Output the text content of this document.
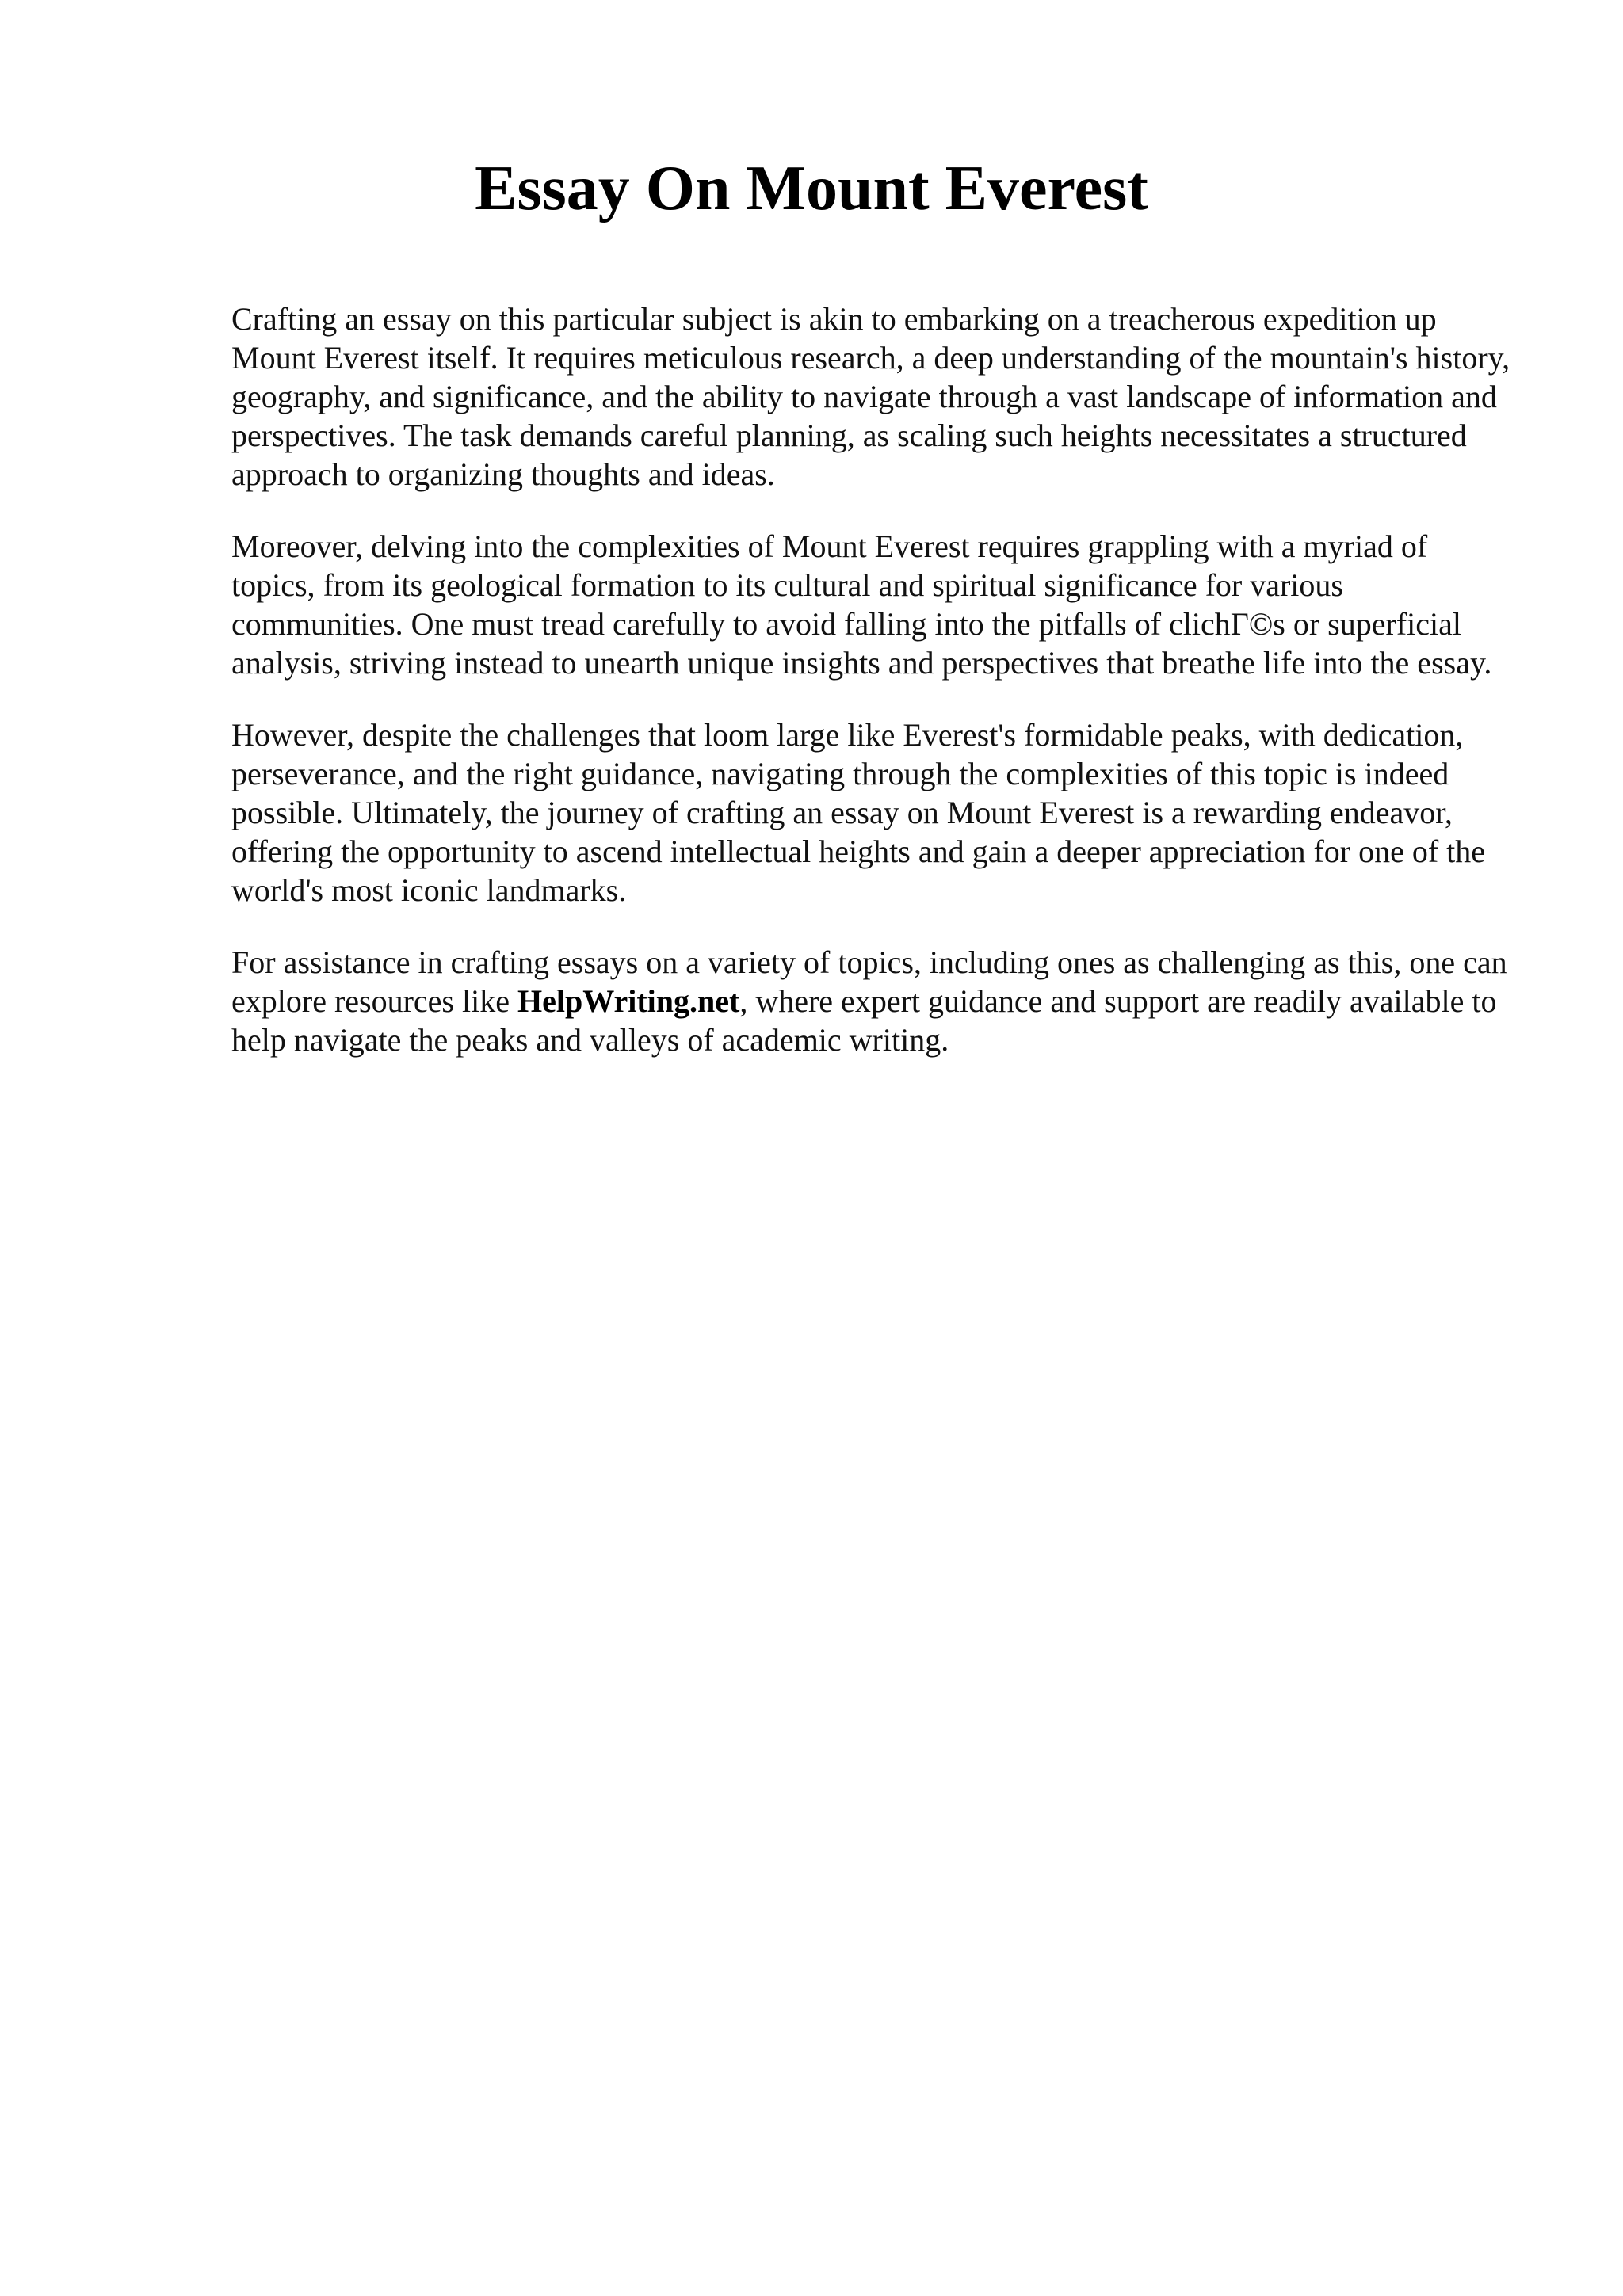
Essay On Mount Everest

Crafting an essay on this particular subject is akin to embarking on a treacherous expedition up Mount Everest itself. It requires meticulous research, a deep understanding of the mountain's history, geography, and significance, and the ability to navigate through a vast landscape of information and perspectives. The task demands careful planning, as scaling such heights necessitates a structured approach to organizing thoughts and ideas.

Moreover, delving into the complexities of Mount Everest requires grappling with a myriad of topics, from its geological formation to its cultural and spiritual significance for various communities. One must tread carefully to avoid falling into the pitfalls of clichΓ©s or superficial analysis, striving instead to unearth unique insights and perspectives that breathe life into the essay.

However, despite the challenges that loom large like Everest's formidable peaks, with dedication, perseverance, and the right guidance, navigating through the complexities of this topic is indeed possible. Ultimately, the journey of crafting an essay on Mount Everest is a rewarding endeavor, offering the opportunity to ascend intellectual heights and gain a deeper appreciation for one of the world's most iconic landmarks.

For assistance in crafting essays on a variety of topics, including ones as challenging as this, one can explore resources like HelpWriting.net, where expert guidance and support are readily available to help navigate the peaks and valleys of academic writing.
